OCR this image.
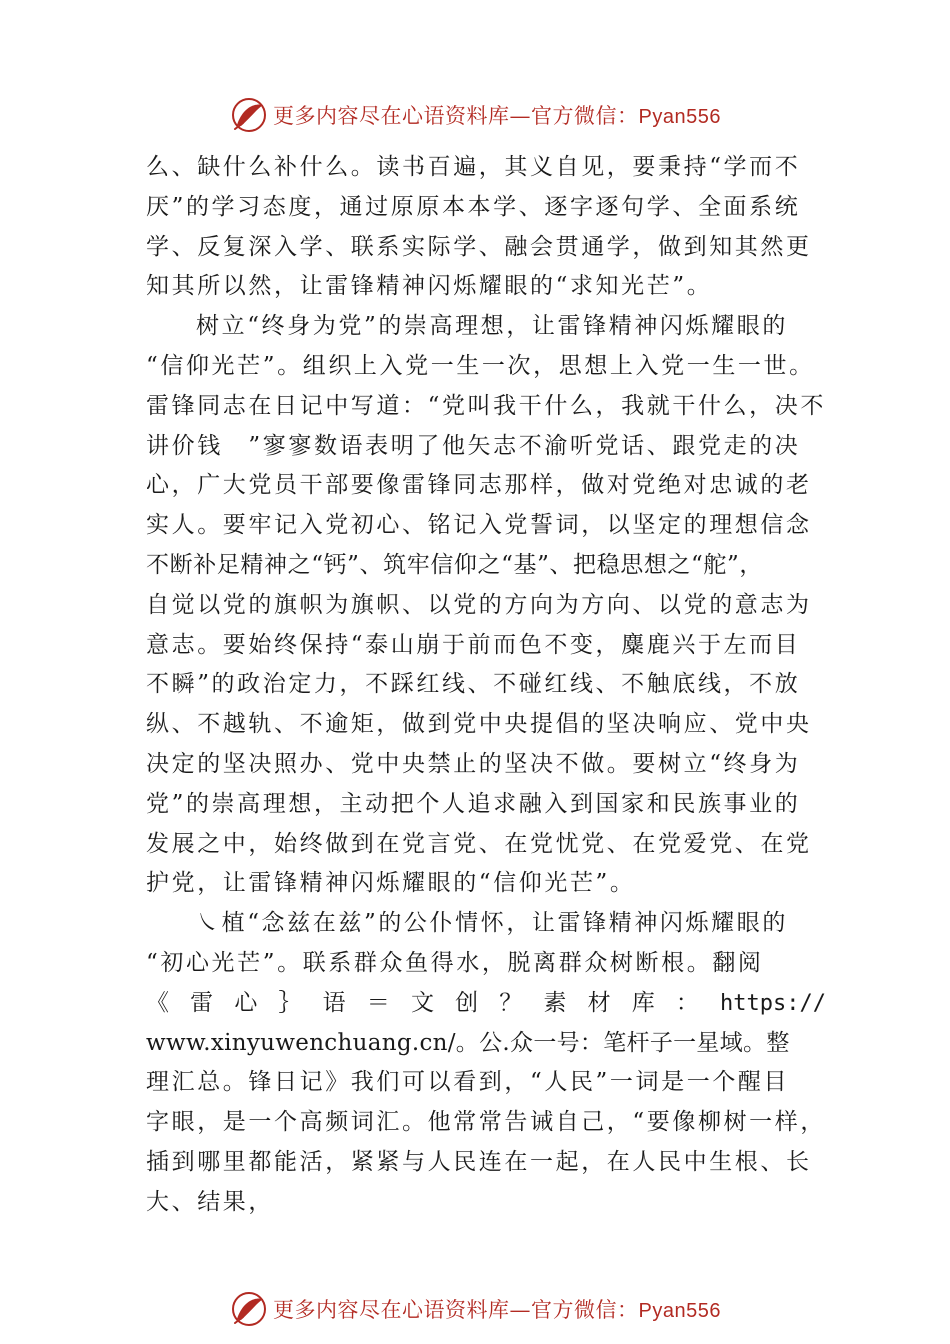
更多内容尽在心语资料库—官方微信：Pyan556
么、缺什么补什么。读书百遍，其义自见，要秉持“学而不
厌”的学习态度，通过原原本本学、逐字逐句学、全面系统
学、反复深入学、联系实际学、融会贯通学，做到知其然更
知其所以然，让雷锋精神闪烁耀眼的“求知光芒”。
树立“终身为党”的崇高理想，让雷锋精神闪烁耀眼的
“信仰光芒”。组织上入党一生一次，思想上入党一生一世。
雷锋同志在日记中写道：“党叫我干什么，我就干什么，决不
讲价钱　”寥寥数语表明了他矢志不渝听党话、跟党走的决
心，广大党员干部要像雷锋同志那样，做对党绝对忠诚的老
实人。要牢记入党初心、铭记入党誓词，以坚定的理想信念
不断补足精神之“钙”、筑牢信仰之“基”、把稳思想之“舵”，
自觉以党的旗帜为旗帜、以党的方向为方向、以党的意志为
意志。要始终保持“泰山崩于前而色不变，麋鹿兴于左而目
不瞬”的政治定力，不踩红线、不碰红线、不触底线，不放
纵、不越轨、不逾矩，做到党中央提倡的坚决响应、党中央
决定的坚决照办、党中央禁止的坚决不做。要树立“终身为
党”的崇高理想，主动把个人追求融入到国家和民族事业的
发展之中，始终做到在党言党、在党忧党、在党爱党、在党
护党，让雷锋精神闪烁耀眼的“信仰光芒”。
㇏植“念兹在兹”的公仆情怀，让雷锋精神闪烁耀眼的
“初心光芒”。联系群众鱼得水，脱离群众树断根。翻阅
《 雷 心 ｝ 语 ＝ 文 创 ？ 素 材 库 ： https://
www.xinyuwenchuang.cn/。公.众一号：笔杆子一星域。整
理汇总。锋日记》我们可以看到，“人民”一词是一个醒目
字眼，是一个高频词汇。他常常告诫自己，“要像柳树一样，
插到哪里都能活，紧紧与人民连在一起，在人民中生根、长
大、结果，
更多内容尽在心语资料库—官方微信：Pyan556
